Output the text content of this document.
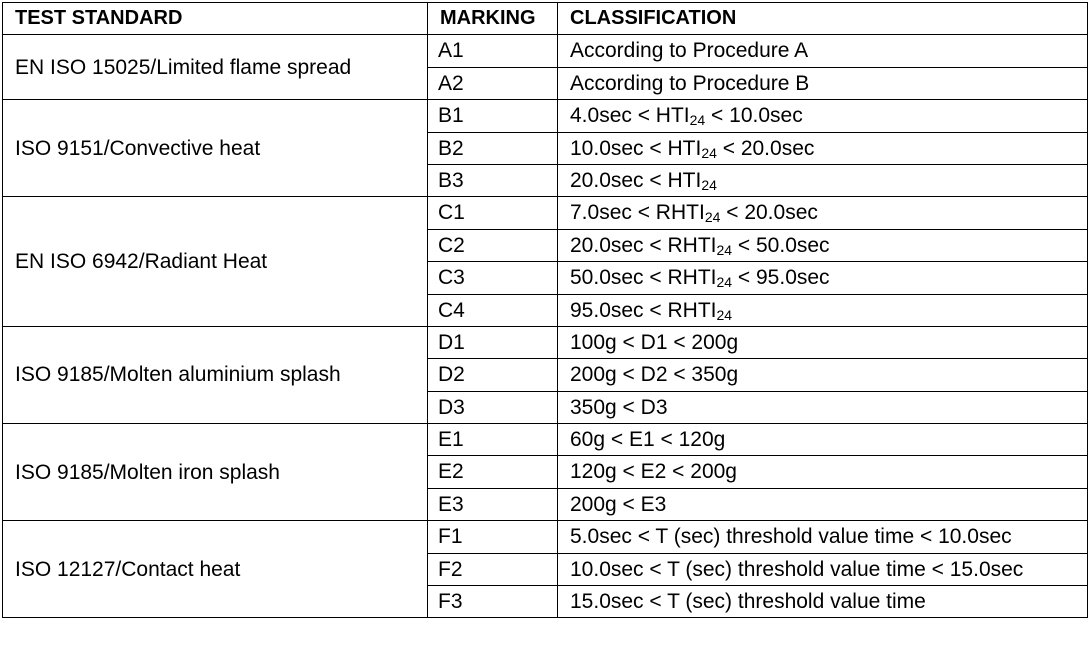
TEST STANDARD	MARKING	CLASSIFICATION
EN ISO 15025/Limited flame spread	A1	According to Procedure A
	A2	According to Procedure B
ISO 9151/Convective heat	B1	$4.0\sec < HTI_{24} < 10.0\sec$
	B2	$10.0\sec < HTI_{24} < 20.0\sec$
	B3	$20.0\sec < HTI_{24}$
EN ISO 6942/Radiant Heat	C1	$7.0\sec < RHTI_{24} < 20.0\sec$
	C2	$20.0\sec < RHTI_{24} < 50.0\sec$
	C3	$50.0\sec < RHTI_{24} < 95.0\sec$
	C4	$95.0\sec < RHTI_{24}$
ISO 9185/Molten aluminium splash	D1	100g < D1 < 200g
	D2	200g < D2 < 350g
	D3	350g < D3
ISO 9185/Molten iron splash	E1	60g < E1 < 120g
	E2	120g < E2 < 200g
	E3	200g < E3
ISO 12127/Contact heat	F1	5.0sec < T (sec) threshold value time < 10.0sec
	F2	10.0sec < T (sec) threshold value time < 15.0sec
	F3	15.0sec < T (sec) threshold value time
